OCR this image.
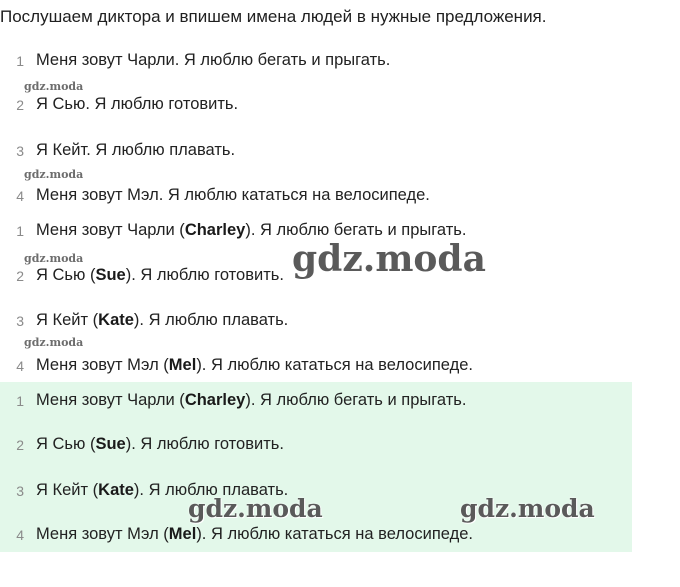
Послушаем диктора и впишем имена людей в нужные предложения.
1 Меня зовут Чарли. Я люблю бегать и прыгать.
2 Я Сью. Я люблю готовить.
3 Я Кейт. Я люблю плавать.
4 Меня зовут Мэл. Я люблю кататься на велосипеде.
1 Меня зовут Чарли (Charley). Я люблю бегать и прыгать.
2 Я Сью (Sue). Я люблю готовить.
3 Я Кейт (Kate). Я люблю плавать.
4 Меня зовут Мэл (Mel). Я люблю кататься на велосипеде.
1 Меня зовут Чарли (Charley). Я люблю бегать и прыгать.
2 Я Сью (Sue). Я люблю готовить.
3 Я Кейт (Kate). Я люблю плавать.
4 Меня зовут Мэл (Mel). Я люблю кататься на велосипеде.
gdz.moda
gdz.moda
gdz.moda
gdz.moda
gdz.moda
gdz.moda	gdz.moda
